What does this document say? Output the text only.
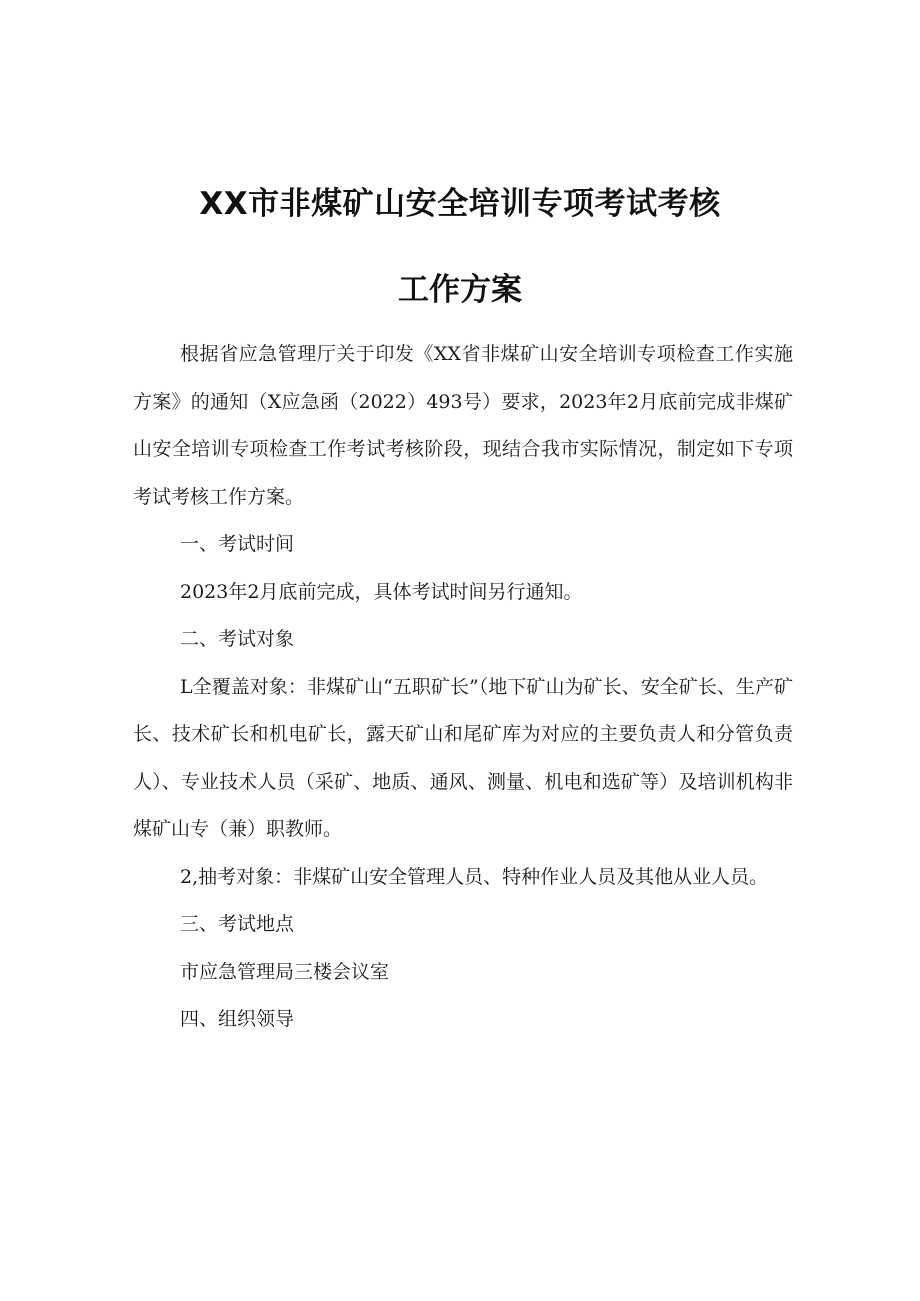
XX市非煤矿山安全培训专项考试考核
工作方案

根据省应急管理厅关于印发《XX省非煤矿山安全培训专项检查工作实施方案》的通知（X应急函（2022）493号）要求，2023年2月底前完成非煤矿山安全培训专项检查工作考试考核阶段，现结合我市实际情况，制定如下专项考试考核工作方案。

一、考试时间

2023年2月底前完成，具体考试时间另行通知。

二、考试对象

L全覆盖对象：非煤矿山“五职矿长”（地下矿山为矿长、安全矿长、生产矿长、技术矿长和机电矿长，露天矿山和尾矿库为对应的主要负责人和分管负责人）、专业技术人员（采矿、地质、通风、测量、机电和选矿等）及培训机构非煤矿山专（兼）职教师。

2,抽考对象：非煤矿山安全管理人员、特种作业人员及其他从业人员。

三、考试地点

市应急管理局三楼会议室

四、组织领导
